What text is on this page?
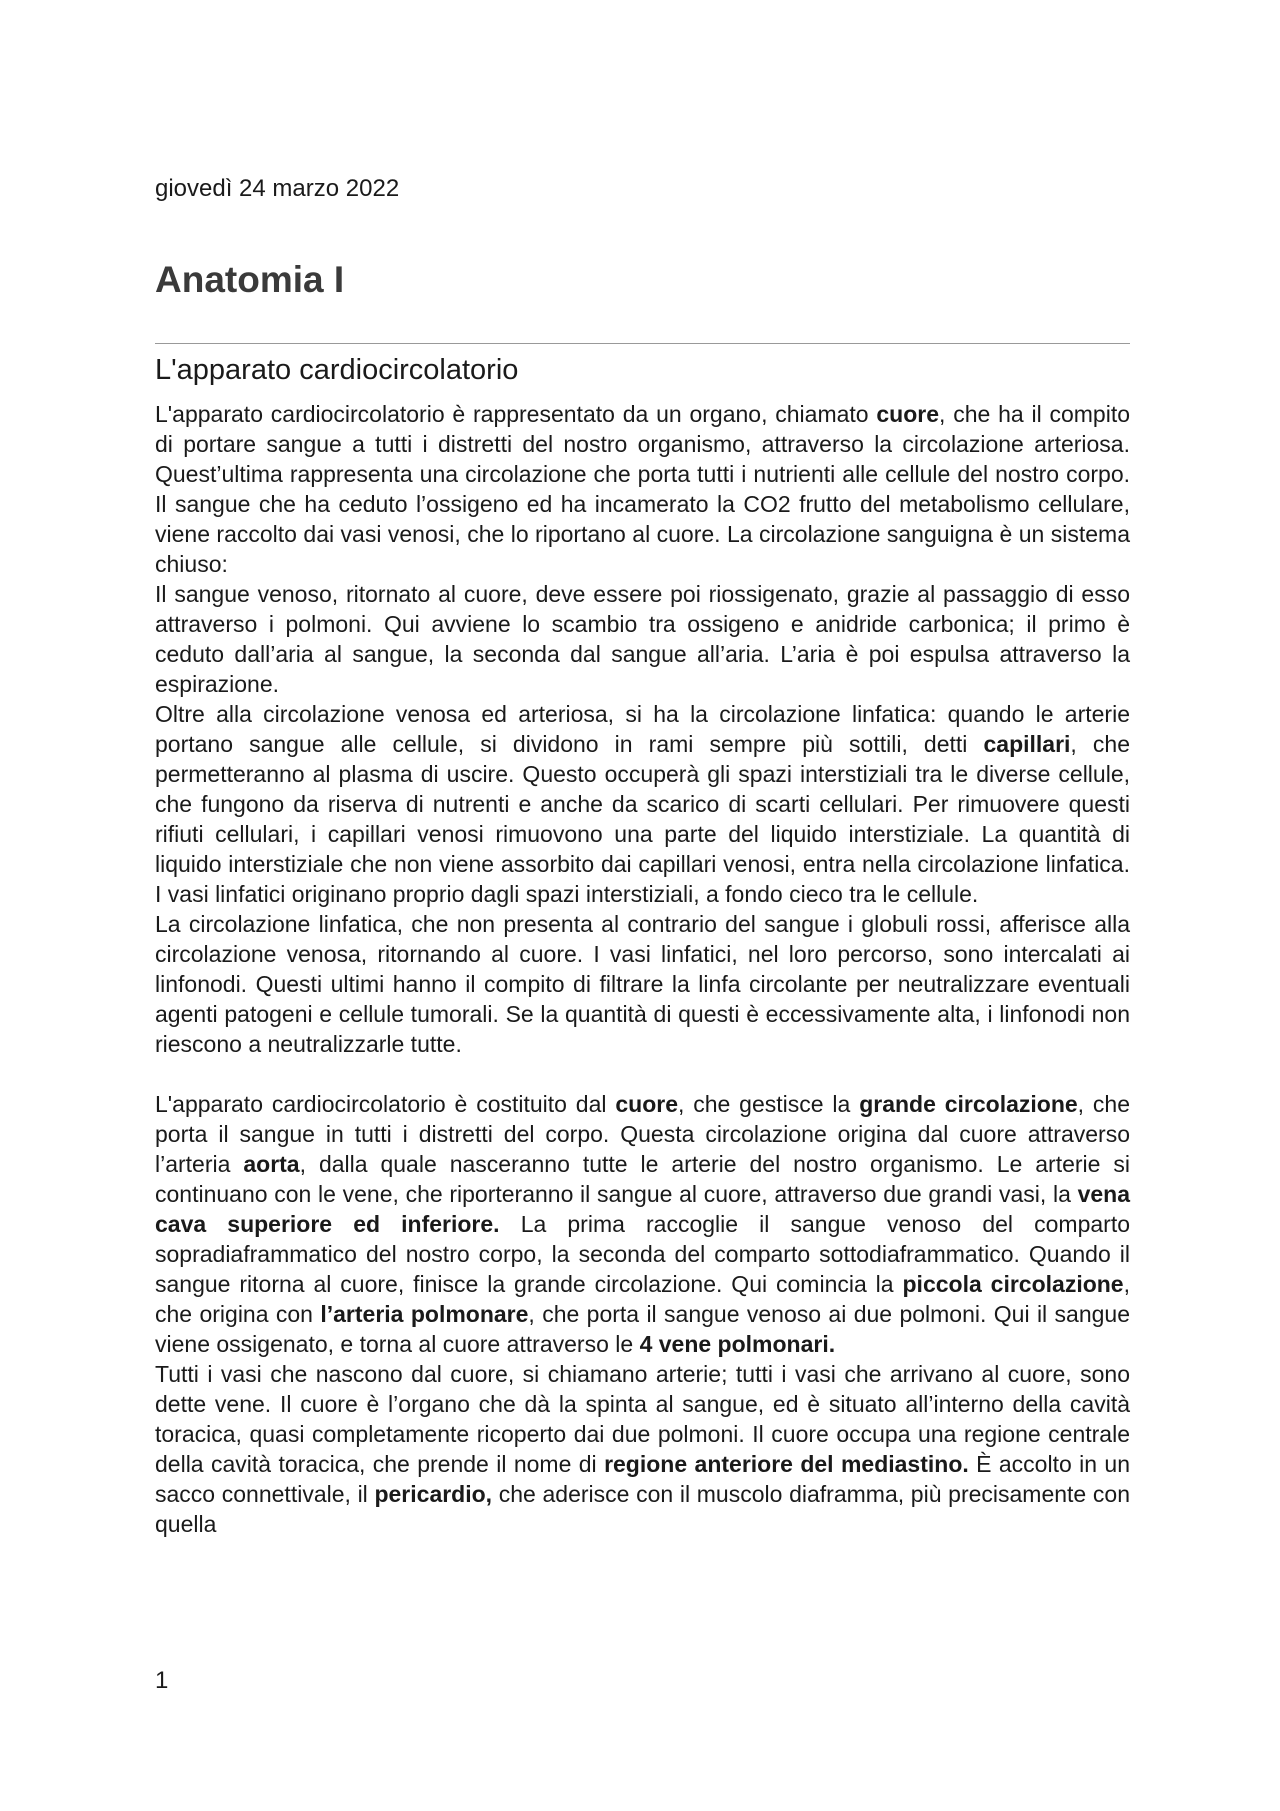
giovedì 24 marzo 2022
Anatomia I
L'apparato cardiocircolatorio

L'apparato cardiocircolatorio è rappresentato da un organo, chiamato cuore, che ha il compito di portare sangue a tutti i distretti del nostro organismo, attraverso la circolazione arteriosa. Quest’ultima rappresenta una circolazione che porta tutti i nutrienti alle cellule del nostro corpo. Il sangue che ha ceduto l’ossigeno ed ha incamerato la CO2 frutto del metabolismo cellulare, viene raccolto dai vasi venosi, che lo riportano al cuore. La circolazione sanguigna è un sistema chiuso:

Il sangue venoso, ritornato al cuore, deve essere poi riossigenato, grazie al passaggio di esso attraverso i polmoni. Qui avviene lo scambio tra ossigeno e anidride carbonica; il primo è ceduto dall’aria al sangue, la seconda dal sangue all’aria. L’aria è poi espulsa attraverso la espirazione.

Oltre alla circolazione venosa ed arteriosa, si ha la circolazione linfatica: quando le arterie portano sangue alle cellule, si dividono in rami sempre più sottili, detti capillari, che permetteranno al plasma di uscire. Questo occuperà gli spazi interstiziali tra le diverse cellule, che fungono da riserva di nutrenti e anche da scarico di scarti cellulari. Per rimuovere questi rifiuti cellulari, i capillari venosi rimuovono una parte del liquido interstiziale. La quantità di liquido interstiziale che non viene assorbito dai capillari venosi, entra nella circolazione linfatica. I vasi linfatici originano proprio dagli spazi interstiziali, a fondo cieco tra le cellule.

La circolazione linfatica, che non presenta al contrario del sangue i globuli rossi, afferisce alla circolazione venosa, ritornando al cuore. I vasi linfatici, nel loro percorso, sono intercalati ai linfonodi. Questi ultimi hanno il compito di filtrare la linfa circolante per neutralizzare eventuali agenti patogeni e cellule tumorali. Se la quantità di questi è eccessivamente alta, i linfonodi non riescono a neutralizzarle tutte.

L'apparato cardiocircolatorio è costituito dal cuore, che gestisce la grande circolazione, che porta il sangue in tutti i distretti del corpo. Questa circolazione origina dal cuore attraverso l’arteria aorta, dalla quale nasceranno tutte le arterie del nostro organismo. Le arterie si continuano con le vene, che riporteranno il sangue al cuore, attraverso due grandi vasi, la vena cava superiore ed inferiore. La prima raccoglie il sangue venoso del comparto sopradiaframmatico del nostro corpo, la seconda del comparto sottodiaframmatico. Quando il sangue ritorna al cuore, finisce la grande circolazione. Qui comincia la piccola circolazione, che origina con l’arteria polmonare, che porta il sangue venoso ai due polmoni. Qui il sangue viene ossigenato, e torna al cuore attraverso le 4 vene polmonari.

Tutti i vasi che nascono dal cuore, si chiamano arterie; tutti i vasi che arrivano al cuore, sono dette vene. Il cuore è l’organo che dà la spinta al sangue, ed è situato all’interno della cavità toracica, quasi completamente ricoperto dai due polmoni. Il cuore occupa una regione centrale della cavità toracica, che prende il nome di regione anteriore del mediastino. È accolto in un sacco connettivale, il pericardio, che aderisce con il muscolo diaframma, più precisamente con quella

1
